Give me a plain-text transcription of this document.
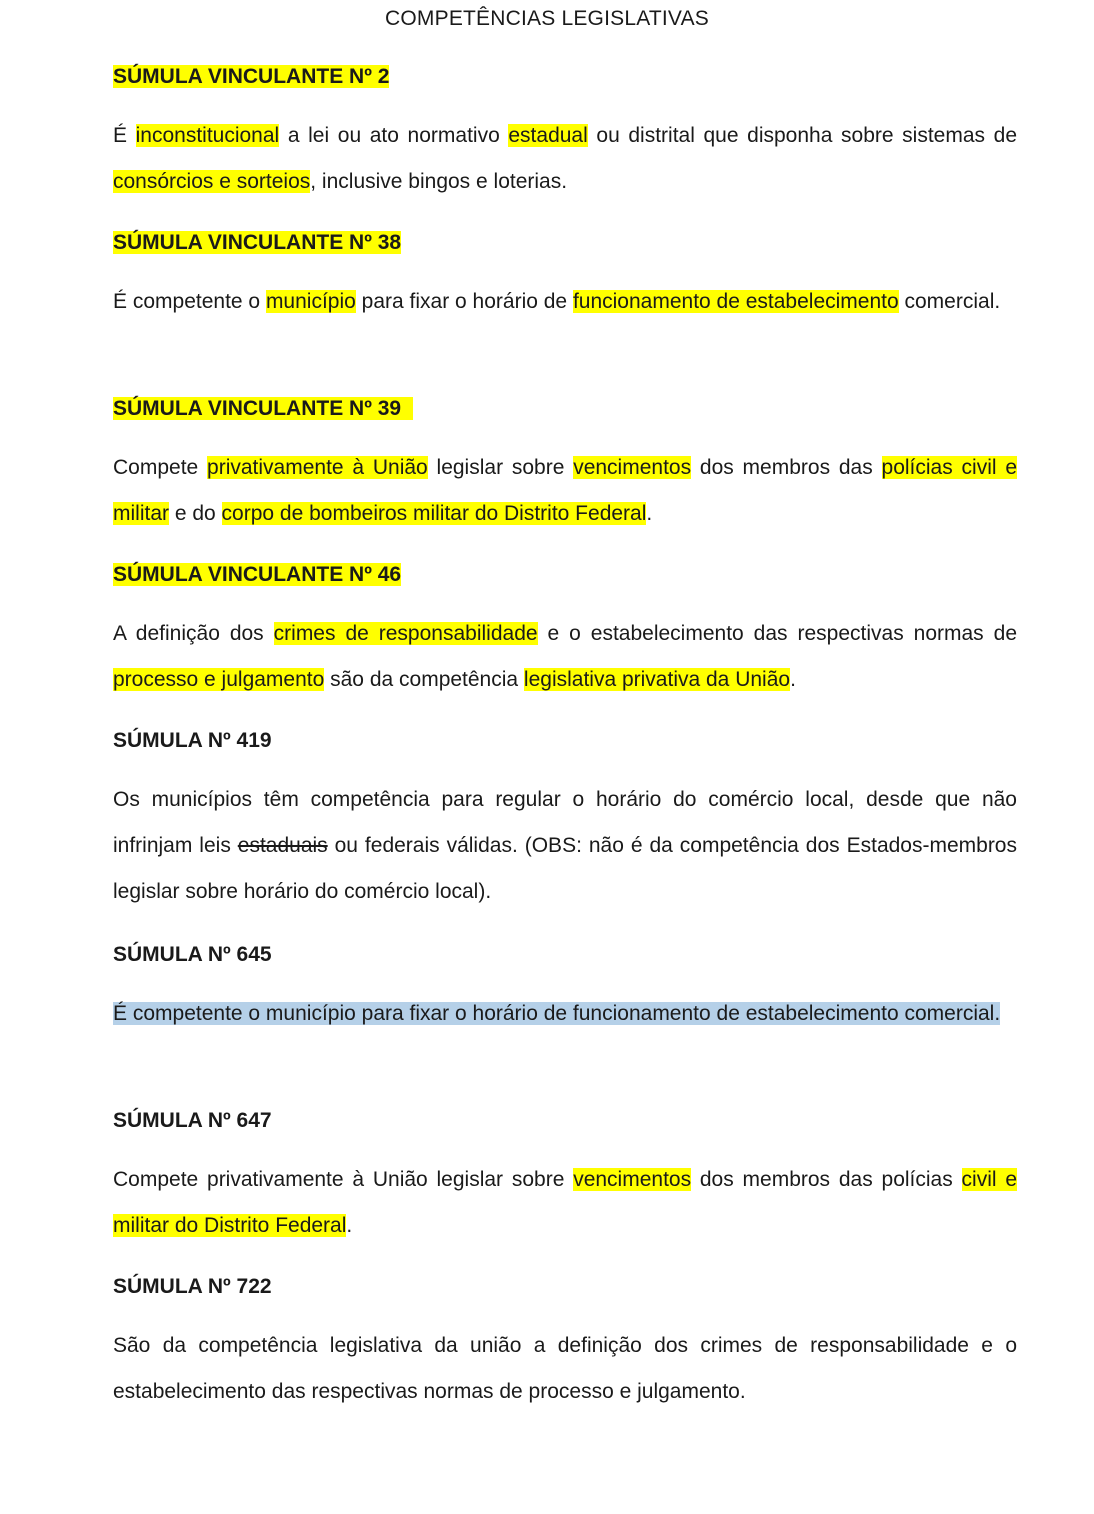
COMPETÊNCIAS LEGISLATIVAS
SÚMULA VINCULANTE Nº 2
É inconstitucional a lei ou ato normativo estadual ou distrital que disponha sobre sistemas de consórcios e sorteios, inclusive bingos e loterias.
SÚMULA VINCULANTE Nº 38
É competente o município para fixar o horário de funcionamento de estabelecimento comercial.
SÚMULA VINCULANTE Nº 39
Compete privativamente à União legislar sobre vencimentos dos membros das polícias civil e militar e do corpo de bombeiros militar do Distrito Federal.
SÚMULA VINCULANTE Nº 46
A definição dos crimes de responsabilidade e o estabelecimento das respectivas normas de processo e julgamento são da competência legislativa privativa da União.
SÚMULA Nº 419
Os municípios têm competência para regular o horário do comércio local, desde que não infrinjam leis estaduais ou federais válidas. (OBS: não é da competência dos Estados-membros legislar sobre horário do comércio local).
SÚMULA Nº 645
É competente o município para fixar o horário de funcionamento de estabelecimento comercial.
SÚMULA Nº 647
Compete privativamente à União legislar sobre vencimentos dos membros das polícias civil e militar do Distrito Federal.
SÚMULA Nº 722
São da competência legislativa da união a definição dos crimes de responsabilidade e o estabelecimento das respectivas normas de processo e julgamento.
